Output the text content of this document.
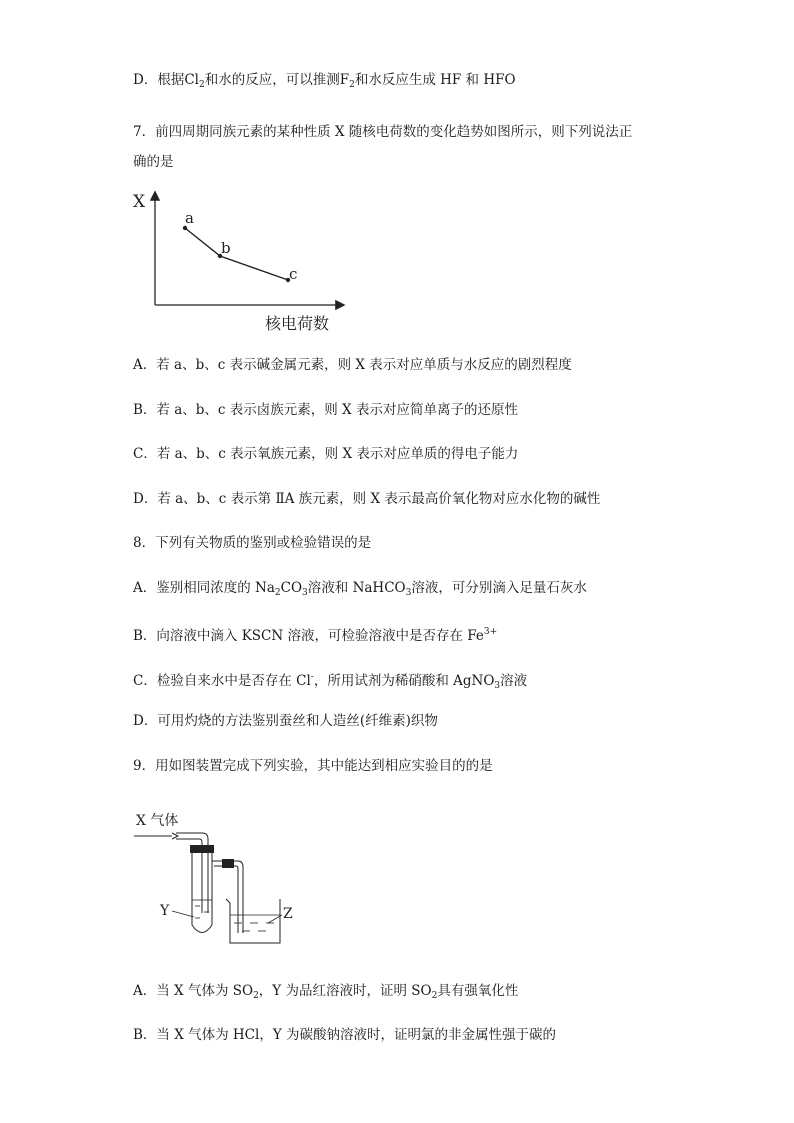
D．根据$Cl_2$和水的反应，可以推测$F_2$和水反应生成 HF 和 HFO
7．前四周期同族元素的某种性质 X 随核电荷数的变化趋势如图所示，则下列说法正
确的是
X
核电荷数
a
b
c
A．若 a、b、c 表示碱金属元素，则 X 表示对应单质与水反应的剧烈程度
B．若 a、b、c 表示卤族元素，则 X 表示对应简单离子的还原性
C．若 a、b、c 表示氧族元素，则 X 表示对应单质的得电子能力
D．若 a、b、c 表示第 ⅡA 族元素，则 X 表示最高价氧化物对应水化物的碱性
8．下列有关物质的鉴别或检验错误的是
A．鉴别相同浓度的 $Na_2CO_3$溶液和 NaHCO$_3$溶液，可分别滴入足量石灰水
B．向溶液中滴入 KSCN 溶液，可检验溶液中是否存在 $Fe^{3+}$
C．检验自来水中是否存在 Cl-，所用试剂为稀硝酸和 AgNO$_3$溶液
D．可用灼烧的方法鉴别蚕丝和人造丝(纤维素)织物
9．用如图装置完成下列实验，其中能达到相应实验目的的是
X 气体
Y	Z
A．当 X 气体为 $SO_2$，Y 为品红溶液时，证明 $SO_2$具有强氧化性
B．当 X 气体为 HCl，Y 为碳酸钠溶液时，证明氯的非金属性强于碳的
